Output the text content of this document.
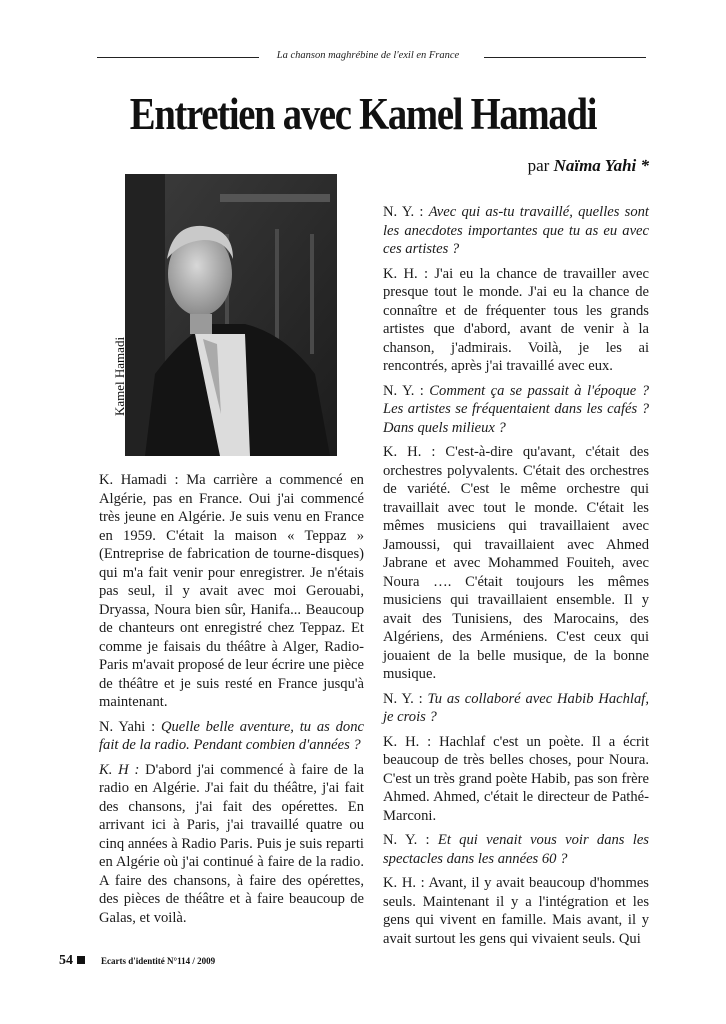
La chanson maghrébine de l'exil en France
Entretien avec Kamel Hamadi
par Naïma Yahi *
Kamel Hamadi

K. Hamadi : Ma carrière a commencé en Algérie, pas en France. Oui j'ai commencé très jeune en Algérie. Je suis venu en France en 1959. C'était la maison « Teppaz » (Entreprise de fabrication de tourne-disques) qui m'a fait venir pour enregistrer. Je n'étais pas seul, il y avait avec moi Gerouabi, Dryassa, Noura bien sûr, Hanifa... Beaucoup de chanteurs ont enregistré chez Teppaz. Et comme je faisais du théâtre à Alger, Radio-Paris m'avait proposé de leur écrire une pièce de théâtre et je suis resté en France jusqu'à maintenant.

N. Yahi : Quelle belle aventure, tu as donc fait de la radio. Pendant combien d'années ?

K. H : D'abord j'ai commencé à faire de la radio en Algérie. J'ai fait du théâtre, j'ai fait des chansons, j'ai fait des opérettes. En arrivant ici à Paris, j'ai travaillé quatre ou cinq années à Radio Paris. Puis je suis reparti en Algérie où j'ai continué à faire de la radio. A faire des chansons, à faire des opérettes, des pièces de théâtre et à faire beaucoup de Galas, et voilà.

N. Y. : Avec qui as-tu travaillé, quelles sont les anecdotes importantes que tu as eu avec ces artistes ?

K. H. : J'ai eu la chance de travailler avec presque tout le monde. J'ai eu la chance de connaître et de fréquenter tous les grands artistes que d'abord, avant de venir à la chanson, j'admirais. Voilà, je les ai rencontrés, après j'ai travaillé avec eux.

N. Y. : Comment ça se passait à l'époque ? Les artistes se fréquentaient dans les cafés ? Dans quels milieux ?

K. H. : C'est-à-dire qu'avant, c'était des orchestres polyvalents. C'était des orchestres de variété. C'est le même orchestre qui travaillait avec tout le monde. C'était les mêmes musiciens qui travaillaient avec Jamoussi, qui travaillaient avec Ahmed Jabrane et avec Mohammed Fouiteh, avec Noura …. C'était toujours les mêmes musiciens qui travaillaient ensemble. Il y avait des Tunisiens, des Marocains, des Algériens, des Arméniens. C'est ceux qui jouaient de la belle musique, de la bonne musique.

N. Y. : Tu as collaboré avec Habib Hachlaf, je crois ?

K. H. : Hachlaf c'est un poète. Il a écrit beaucoup de très belles choses, pour Noura. C'est un très grand poète Habib, pas son frère Ahmed. Ahmed, c'était le directeur de Pathé-Marconi.

N. Y. : Et qui venait vous voir dans les spectacles dans les années 60 ?

K. H. : Avant, il y avait beaucoup d'hommes seuls. Maintenant il y a l'intégration et les gens qui vivent en famille. Mais avant, il y avait surtout les gens qui vivaient seuls. Qui

54	Ecarts d'identité N°114 / 2009
